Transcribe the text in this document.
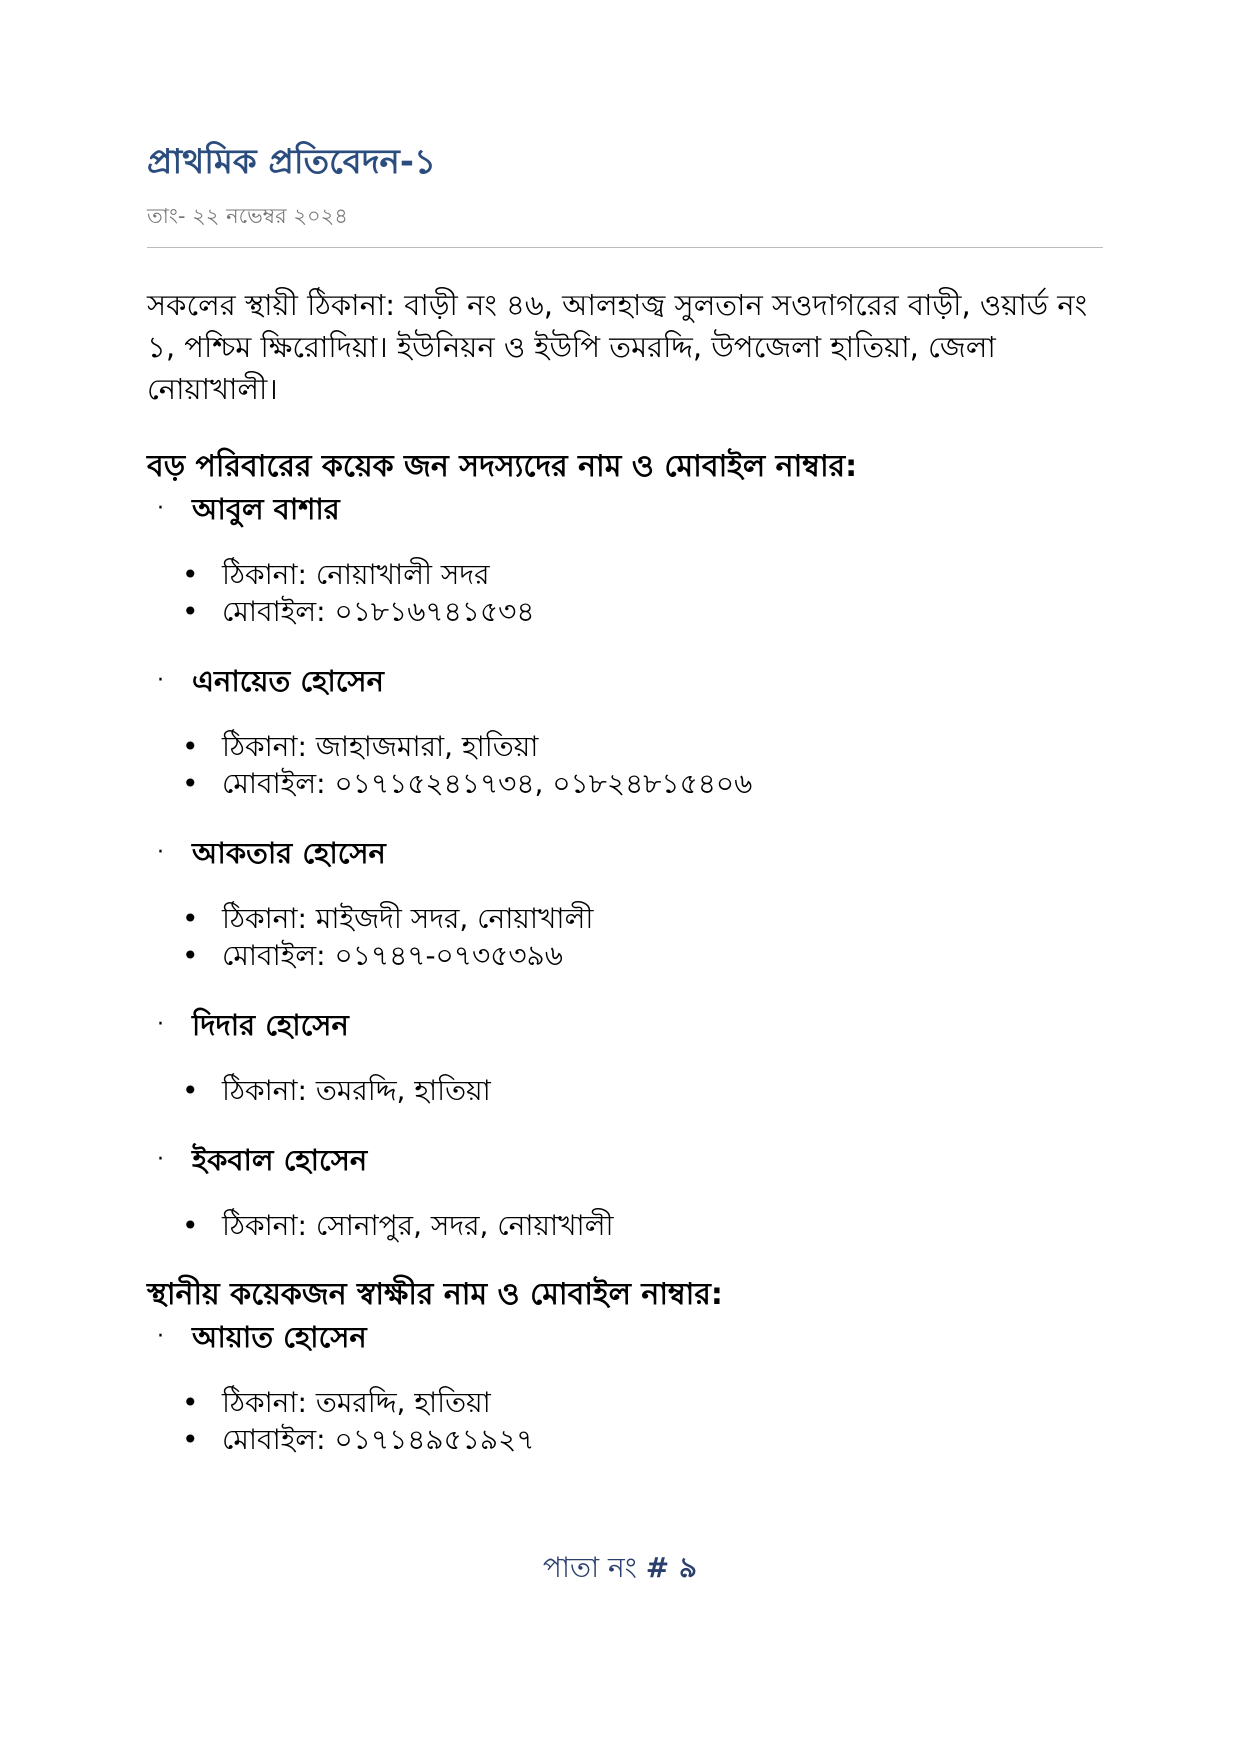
প্রাথমিক প্রতিবেদন-১
তাং- ২২ নভেম্বর ২০২৪
সকলের স্থায়ী ঠিকানা: বাড়ী নং ৪৬, আলহাজ্ব সুলতান সওদাগরের বাড়ী, ওয়ার্ড নং ১, পশ্চিম ক্ষিরোদিয়া। ইউনিয়ন ও ইউপি তমরদ্দি, উপজেলা হাতিয়া, জেলা নোয়াখালী।
বড় পরিবারের কয়েক জন সদস্যদের নাম ও মোবাইল নাম্বার:
· আবুল বাশার
• ঠিকানা: নোয়াখালী সদর
• মোবাইল: ০১৮১৬৭৪১৫৩৪
· এনায়েত হোসেন
• ঠিকানা: জাহাজমারা, হাতিয়া
• মোবাইল: ০১৭১৫২৪১৭৩৪, ০১৮২৪৮১৫৪০৬
· আকতার হোসেন
• ঠিকানা: মাইজদী সদর, নোয়াখালী
• মোবাইল: ০১৭৪৭-০৭৩৫৩৯৬
· দিদার হোসেন
• ঠিকানা: তমরদ্দি, হাতিয়া
· ইকবাল হোসেন
• ঠিকানা: সোনাপুর, সদর, নোয়াখালী
স্থানীয় কয়েকজন স্বাক্ষীর নাম ও মোবাইল নাম্বার:
· আয়াত হোসেন
• ঠিকানা: তমরদ্দি, হাতিয়া
• মোবাইল: ০১৭১৪৯৫১৯২৭
পাতা নং # ৯
